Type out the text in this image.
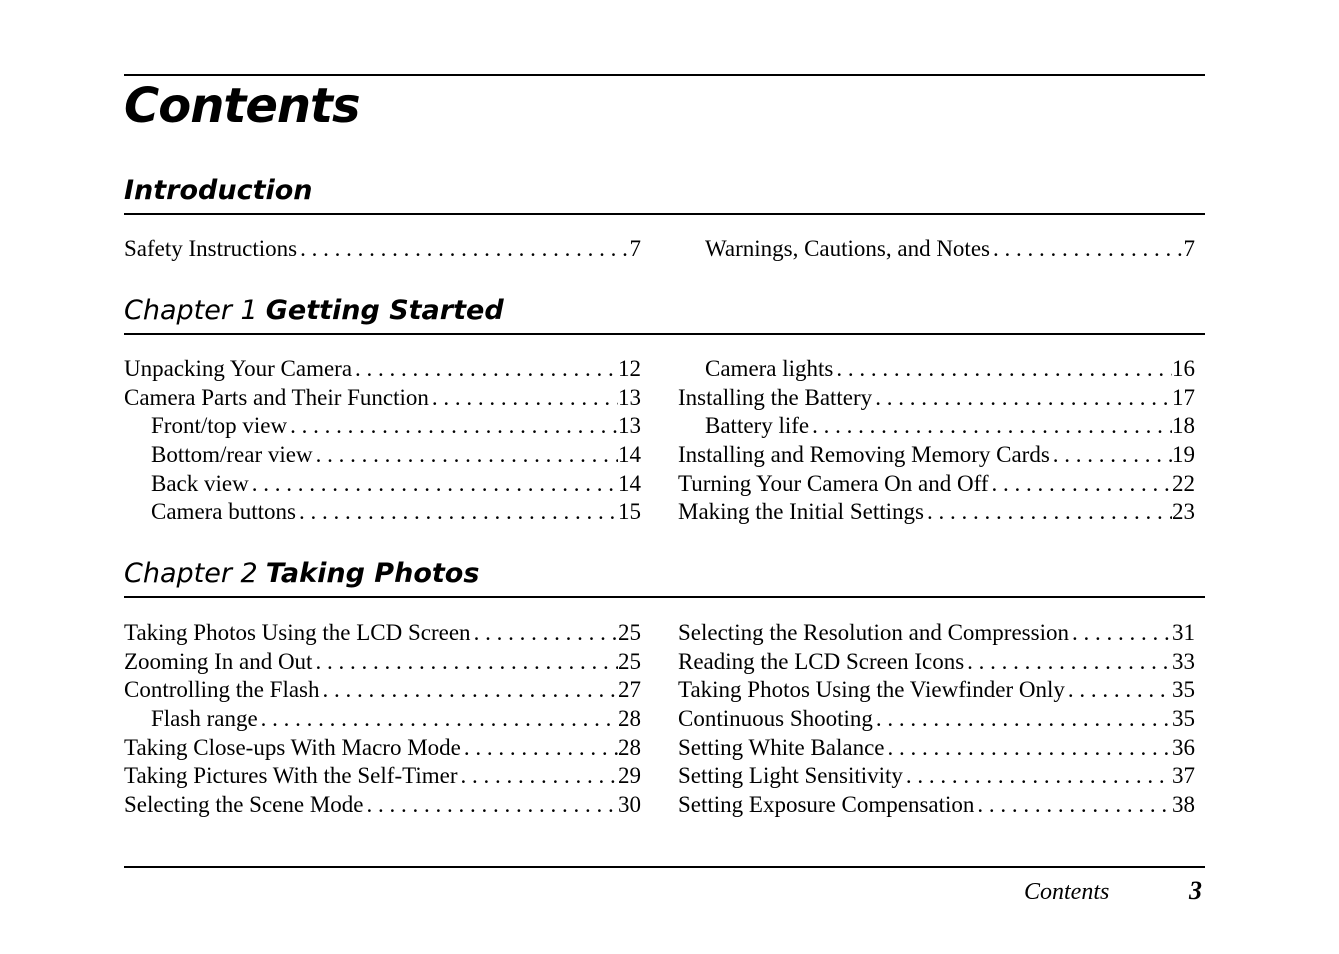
Contents
Introduction
Safety Instructions . . .	7	Warnings, Cautions, and Notes . . .	7
Chapter 1 Getting Started
Unpacking Your Camera . . .	12
Camera Parts and Their Function . . .	13
Front/top view . . .	13
Bottom/rear view . . .	14
Back view . . .	14
Camera buttons . . .	15
Camera lights . . .	16
Installing the Battery . . .	17
Battery life . . .	18
Installing and Removing Memory Cards . . .	19
Turning Your Camera On and Off . . .	22
Making the Initial Settings . . .	23
Chapter 2 Taking Photos
Taking Photos Using the LCD Screen . . .	25
Zooming In and Out . . .	25
Controlling the Flash . . .	27
Flash range . . .	28
Taking Close-ups With Macro Mode . . .	28
Taking Pictures With the Self-Timer . . .	29
Selecting the Scene Mode . . .	30
Selecting the Resolution and Compression . . .	31
Reading the LCD Screen Icons . . .	33
Taking Photos Using the Viewfinder Only . . .	35
Continuous Shooting . . .	35
Setting White Balance . . .	36
Setting Light Sensitivity . . .	37
Setting Exposure Compensation . . .	38
Contents	3
